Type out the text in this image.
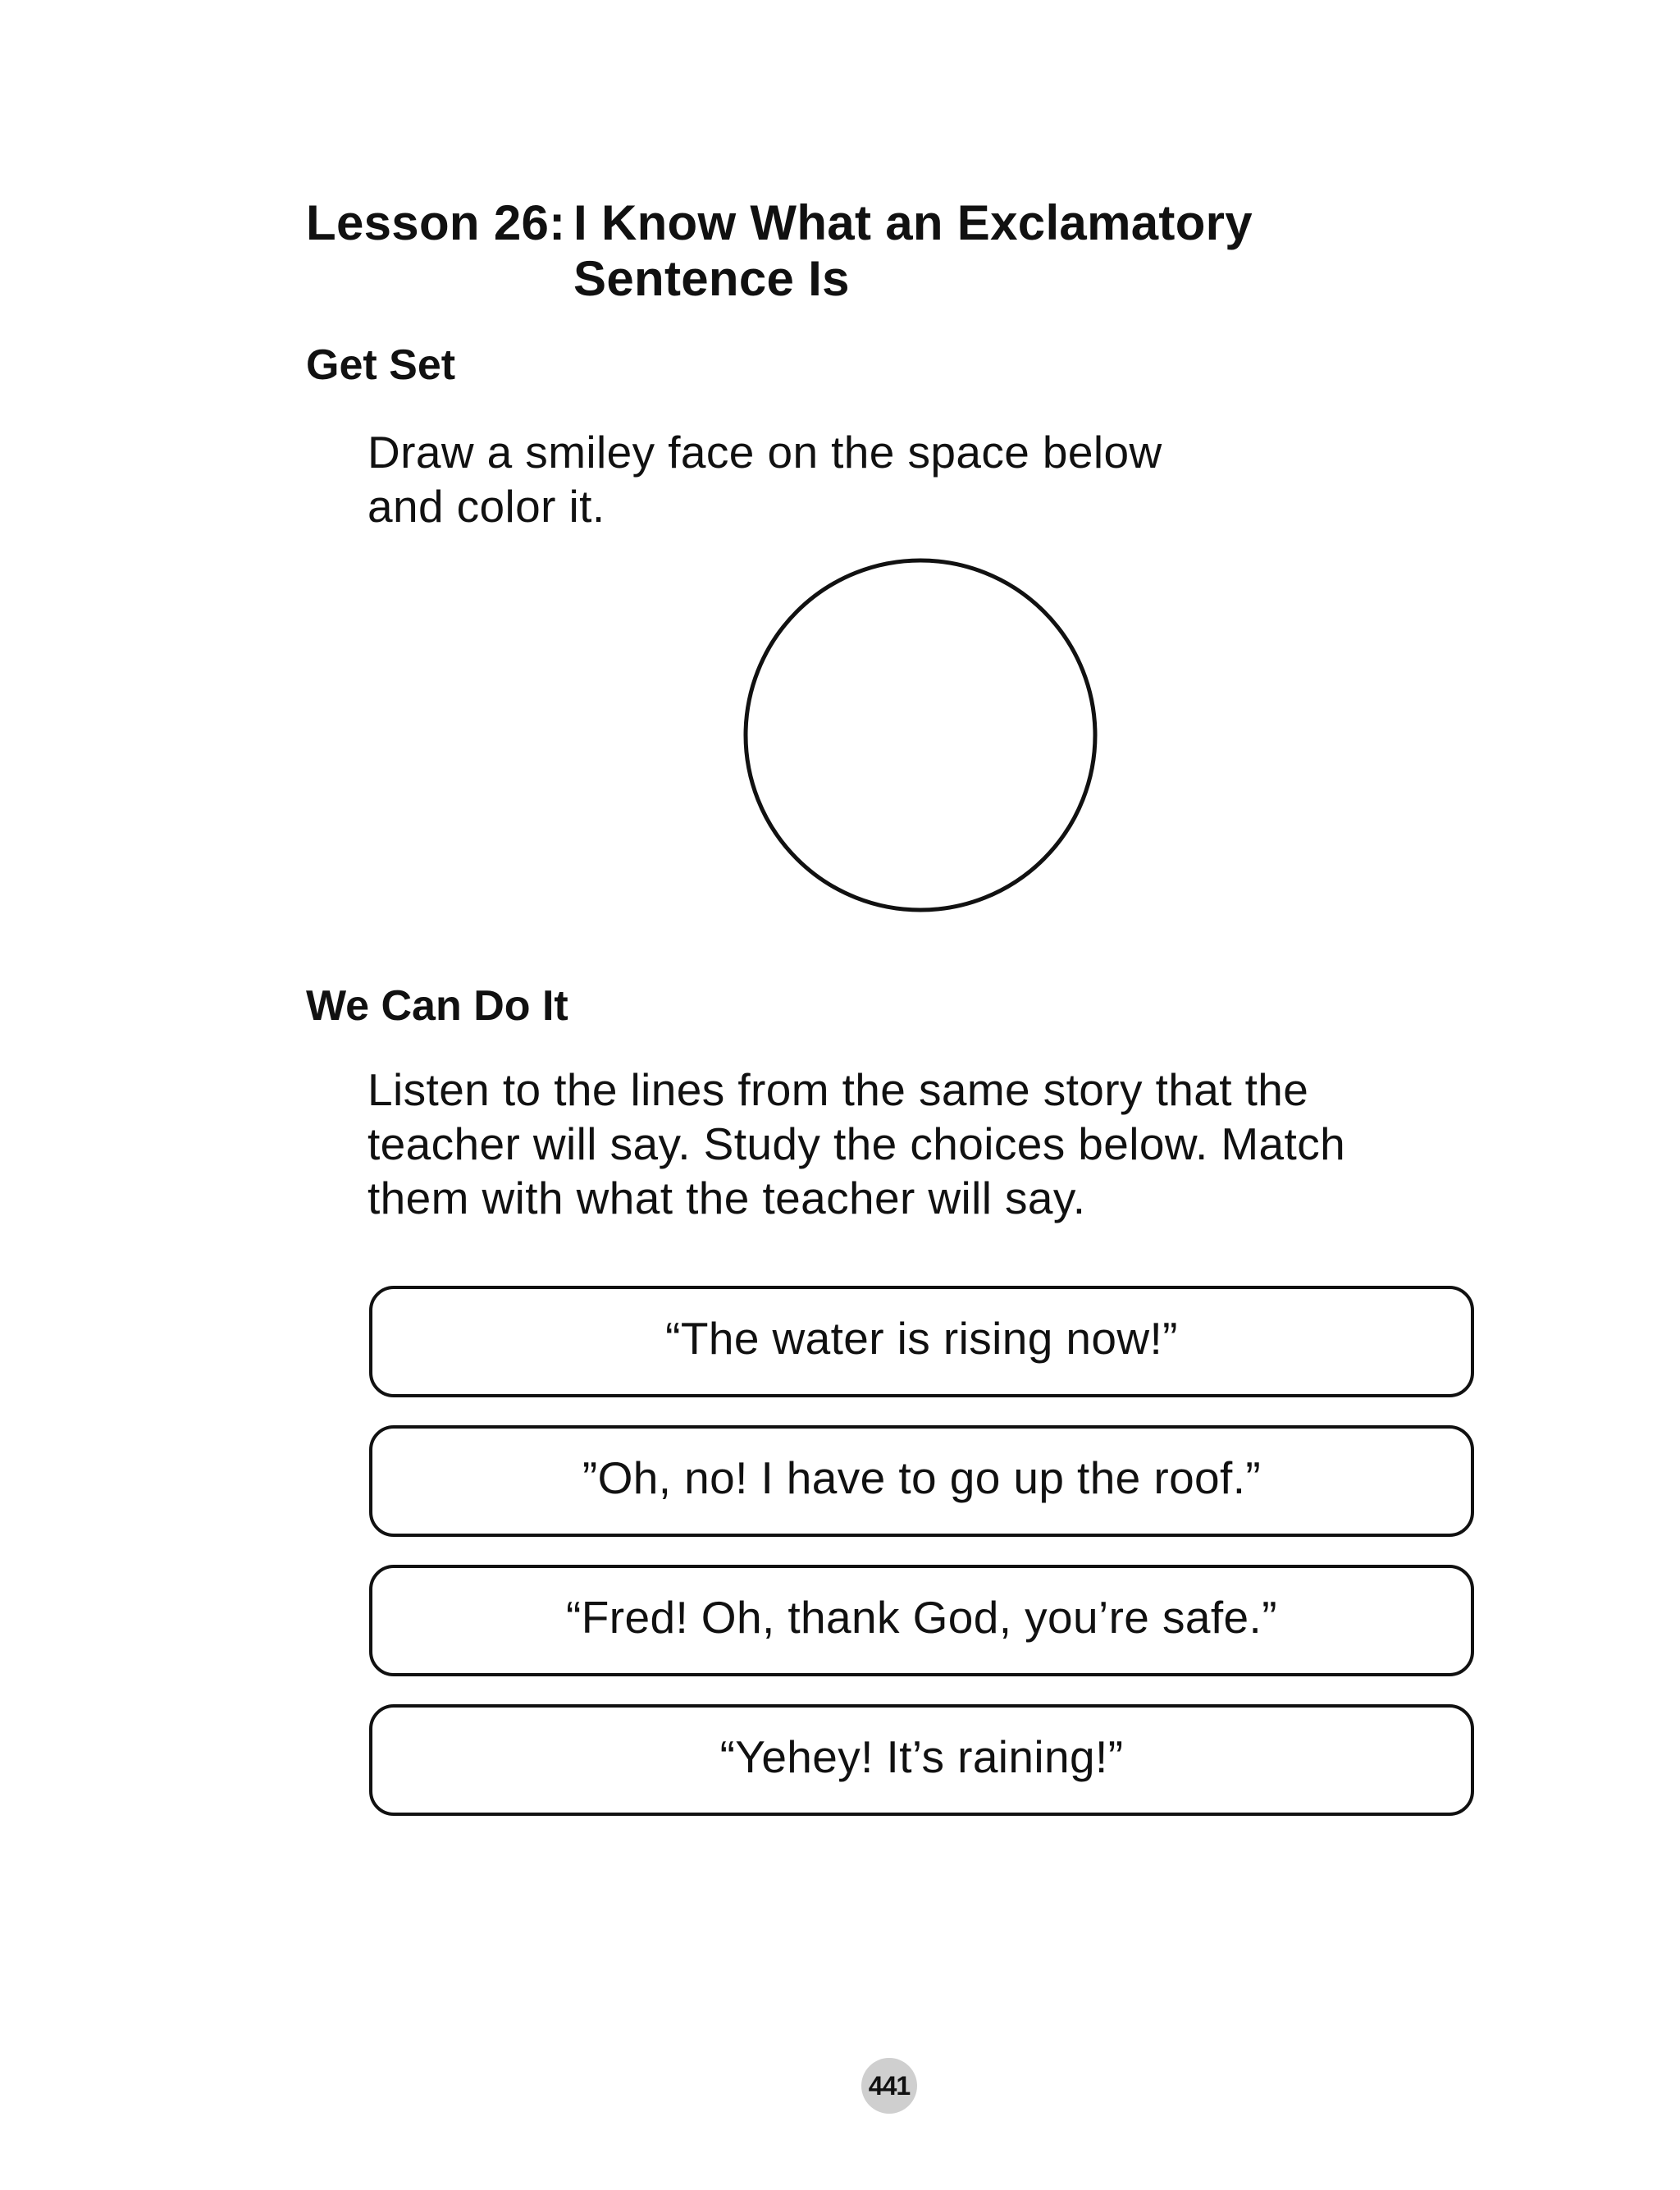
Lesson 26: I Know What an Exclamatory
Sentence Is
Get Set

Draw a smiley face on the space below
and color it.

We Can Do It

Listen to the lines from the same story that the
teacher will say. Study the choices below. Match
them with what the teacher will say.

“The water is rising now!”
”Oh, no! I have to go up the roof.”
“Fred! Oh, thank God, you’re safe.”
“Yehey! It’s raining!”
441
